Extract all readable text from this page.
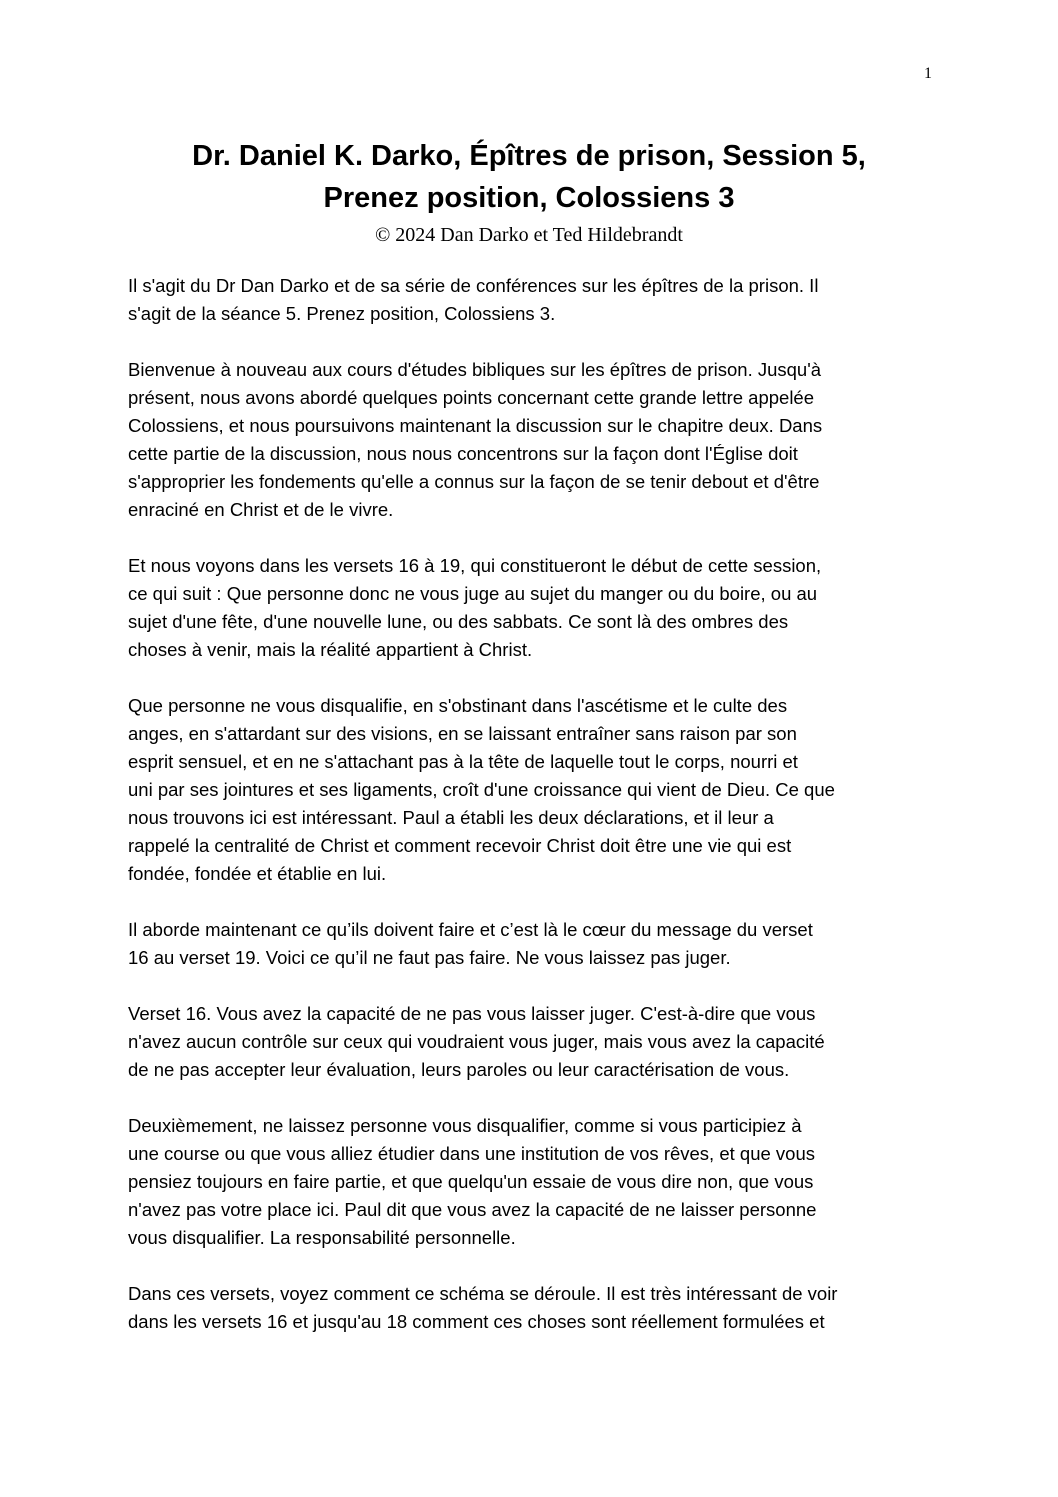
1
Dr. Daniel K. Darko, Épîtres de prison, Session 5,
Prenez position, Colossiens 3
© 2024 Dan Darko et Ted Hildebrandt

Il s'agit du Dr Dan Darko et de sa série de conférences sur les épîtres de la prison. Il
s'agit de la séance 5. Prenez position, Colossiens 3.

Bienvenue à nouveau aux cours d'études bibliques sur les épîtres de prison. Jusqu'à
présent, nous avons abordé quelques points concernant cette grande lettre appelée
Colossiens, et nous poursuivons maintenant la discussion sur le chapitre deux. Dans
cette partie de la discussion, nous nous concentrons sur la façon dont l'Église doit
s'approprier les fondements qu'elle a connus sur la façon de se tenir debout et d'être
enraciné en Christ et de le vivre.

Et nous voyons dans les versets 16 à 19, qui constitueront le début de cette session,
ce qui suit : Que personne donc ne vous juge au sujet du manger ou du boire, ou au
sujet d'une fête, d'une nouvelle lune, ou des sabbats. Ce sont là des ombres des
choses à venir, mais la réalité appartient à Christ.

Que personne ne vous disqualifie, en s'obstinant dans l'ascétisme et le culte des
anges, en s'attardant sur des visions, en se laissant entraîner sans raison par son
esprit sensuel, et en ne s'attachant pas à la tête de laquelle tout le corps, nourri et
uni par ses jointures et ses ligaments, croît d'une croissance qui vient de Dieu. Ce que
nous trouvons ici est intéressant. Paul a établi les deux déclarations, et il leur a
rappelé la centralité de Christ et comment recevoir Christ doit être une vie qui est
fondée, fondée et établie en lui.

Il aborde maintenant ce qu’ils doivent faire et c’est là le cœur du message du verset
16 au verset 19. Voici ce qu’il ne faut pas faire. Ne vous laissez pas juger.

Verset 16. Vous avez la capacité de ne pas vous laisser juger. C'est-à-dire que vous
n'avez aucun contrôle sur ceux qui voudraient vous juger, mais vous avez la capacité
de ne pas accepter leur évaluation, leurs paroles ou leur caractérisation de vous.

Deuxièmement, ne laissez personne vous disqualifier, comme si vous participiez à
une course ou que vous alliez étudier dans une institution de vos rêves, et que vous
pensiez toujours en faire partie, et que quelqu'un essaie de vous dire non, que vous
n'avez pas votre place ici. Paul dit que vous avez la capacité de ne laisser personne
vous disqualifier. La responsabilité personnelle.

Dans ces versets, voyez comment ce schéma se déroule. Il est très intéressant de voir
dans les versets 16 et jusqu'au 18 comment ces choses sont réellement formulées et
